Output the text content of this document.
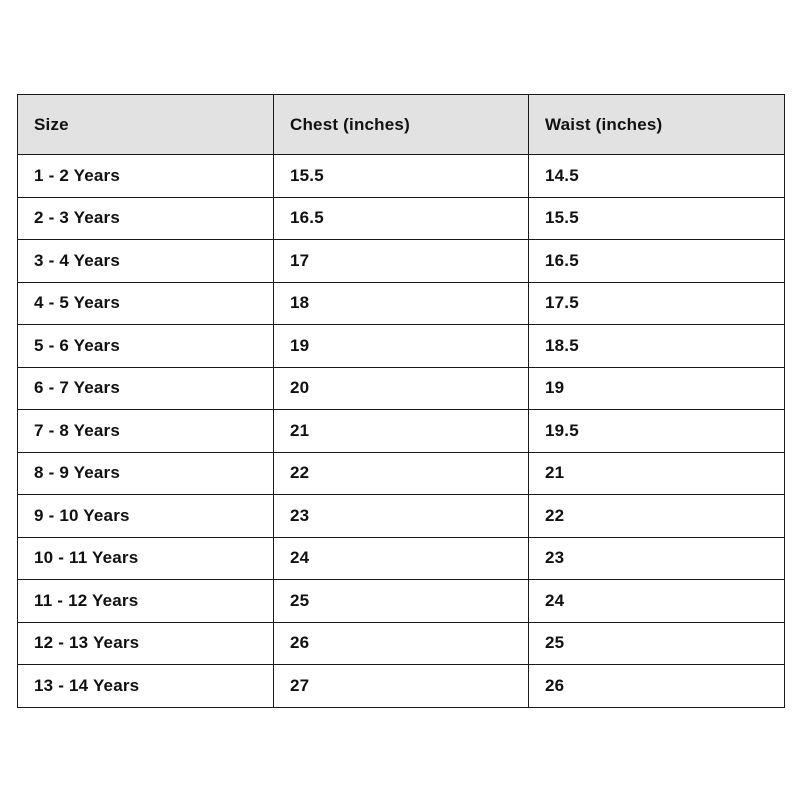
Size	Chest (inches)	Waist (inches)
1 - 2 Years	15.5	14.5
2 - 3 Years	16.5	15.5
3 - 4 Years	17	16.5
4 - 5 Years	18	17.5
5 - 6 Years	19	18.5
6 - 7 Years	20	19
7 - 8 Years	21	19.5
8 - 9 Years	22	21
9 - 10 Years	23	22
10 - 11 Years	24	23
11 - 12 Years	25	24
12 - 13 Years	26	25
13 - 14 Years	27	26
